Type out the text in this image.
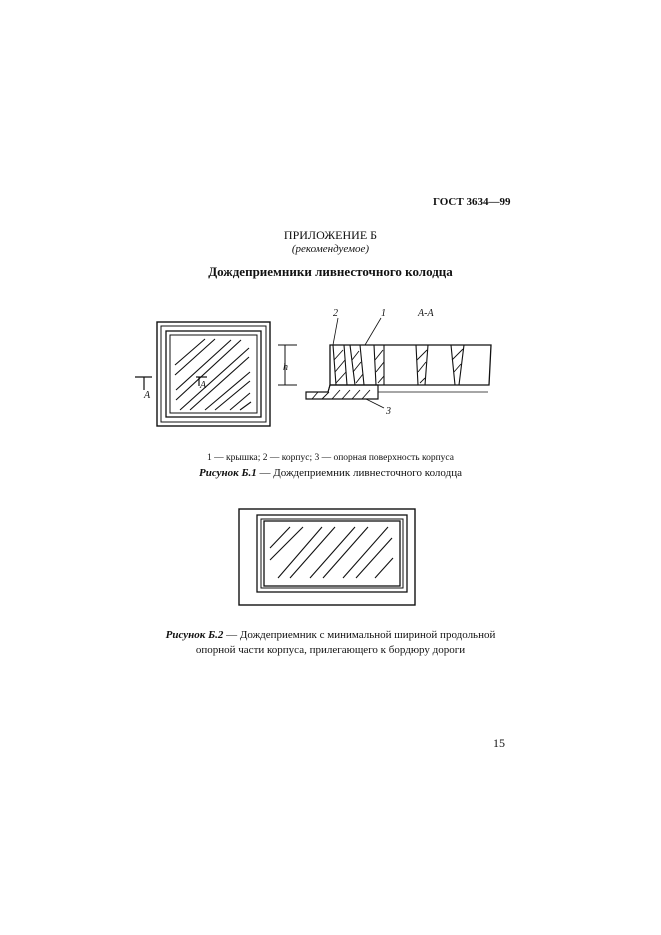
ГОСТ 3634—99
ПРИЛОЖЕНИЕ Б
(рекомендуемое)
Дождеприемники ливнесточного колодца
А
А
А-А
2	1
3
h
1 — крышка; 2 — корпус; 3 — опорная поверхность корпуса
Рисунок Б.1 — Дождеприемник ливнесточного колодца
Рисунок Б.2 — Дождеприемник с минимальной шириной продольной
опорной части корпуса, прилегающего к бордюру дороги
15
